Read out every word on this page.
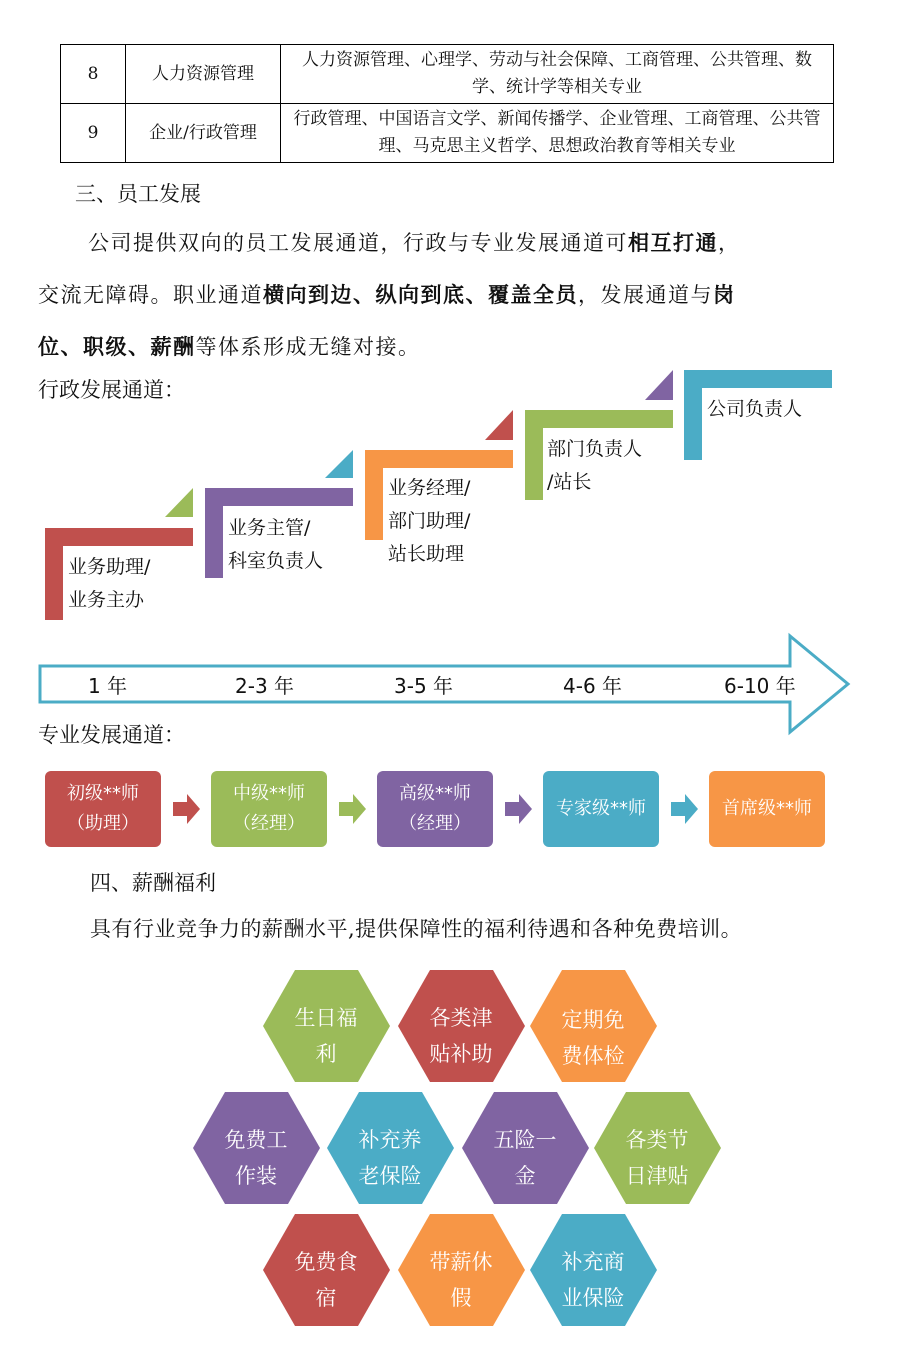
8	人力资源管理	人力资源管理、心理学、劳动与社会保障、工商管理、公共管理、数学、统计学等相关专业
9	企业/行政管理	行政管理、中国语言文学、新闻传播学、企业管理、工商管理、公共管理、马克思主义哲学、思想政治教育等相关专业
三、员工发展
公司提供双向的员工发展通道，行政与专业发展通道可相互打通，
交流无障碍。职业通道横向到边、纵向到底、覆盖全员，发展通道与岗
位、职级、薪酬等体系形成无缝对接。
行政发展通道：
业务助理/
业务主办
业务主管/
科室负责人
业务经理/
部门助理/
站长助理
部门负责人
/站长
公司负责人
1 年	2-3 年	3-5 年	4-6 年	6-10 年
专业发展通道：
初级**师
（助理）
中级**师
（经理）
高级**师
（经理）
专家级**师	首席级**师
四、薪酬福利
具有行业竞争力的薪酬水平,提供保障性的福利待遇和各种免费培训。
生日福
利
各类津
贴补助
定期免
费体检
免费工
作装
补充养
老保险
五险一
金
各类节
日津贴
免费食
宿
带薪休
假
补充商
业保险
